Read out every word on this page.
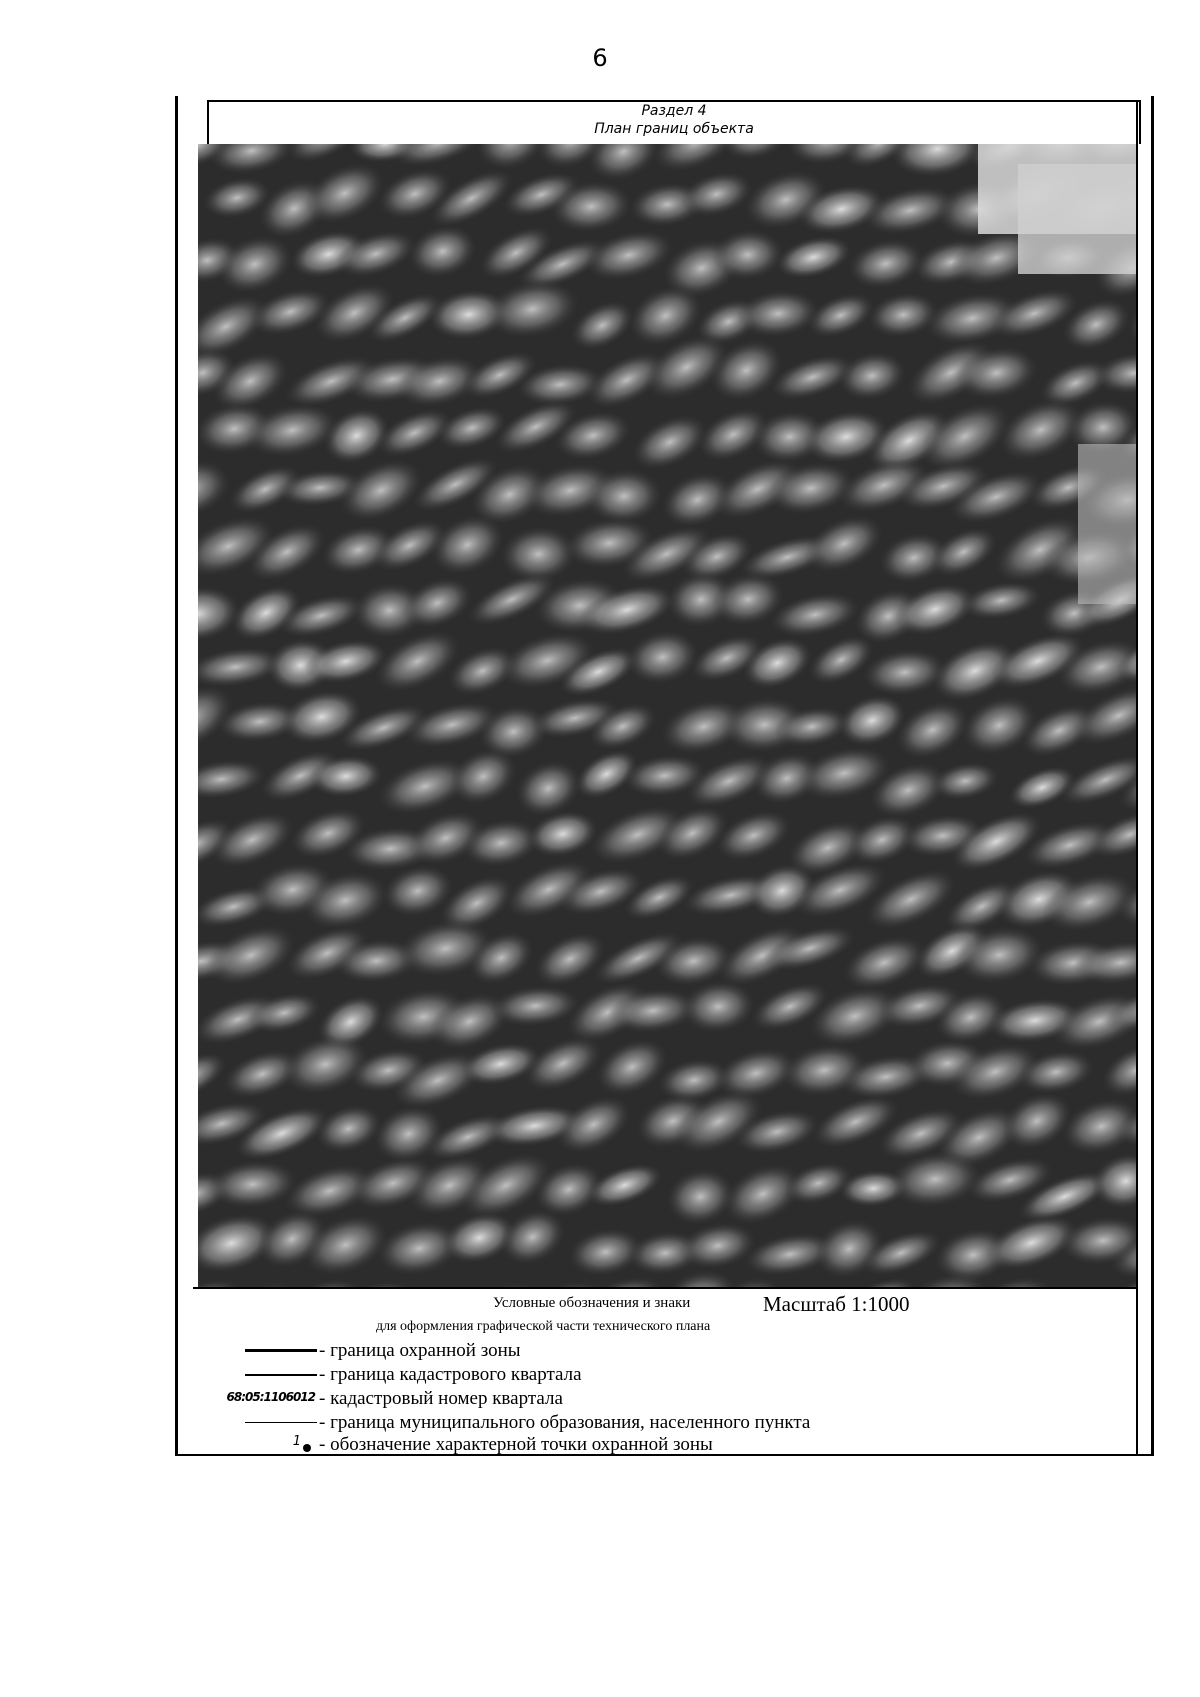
6
Раздел 4
План границ объекта
Условные обозначения и знаки	Масштаб 1:1000
для оформления графической части технического плана
- граница охранной зоны
- граница кадастрового квартала
68:05:1106012 - кадастровый номер квартала
- граница муниципального образования, населенного пункта
1 - обозначение характерной точки охранной зоны
